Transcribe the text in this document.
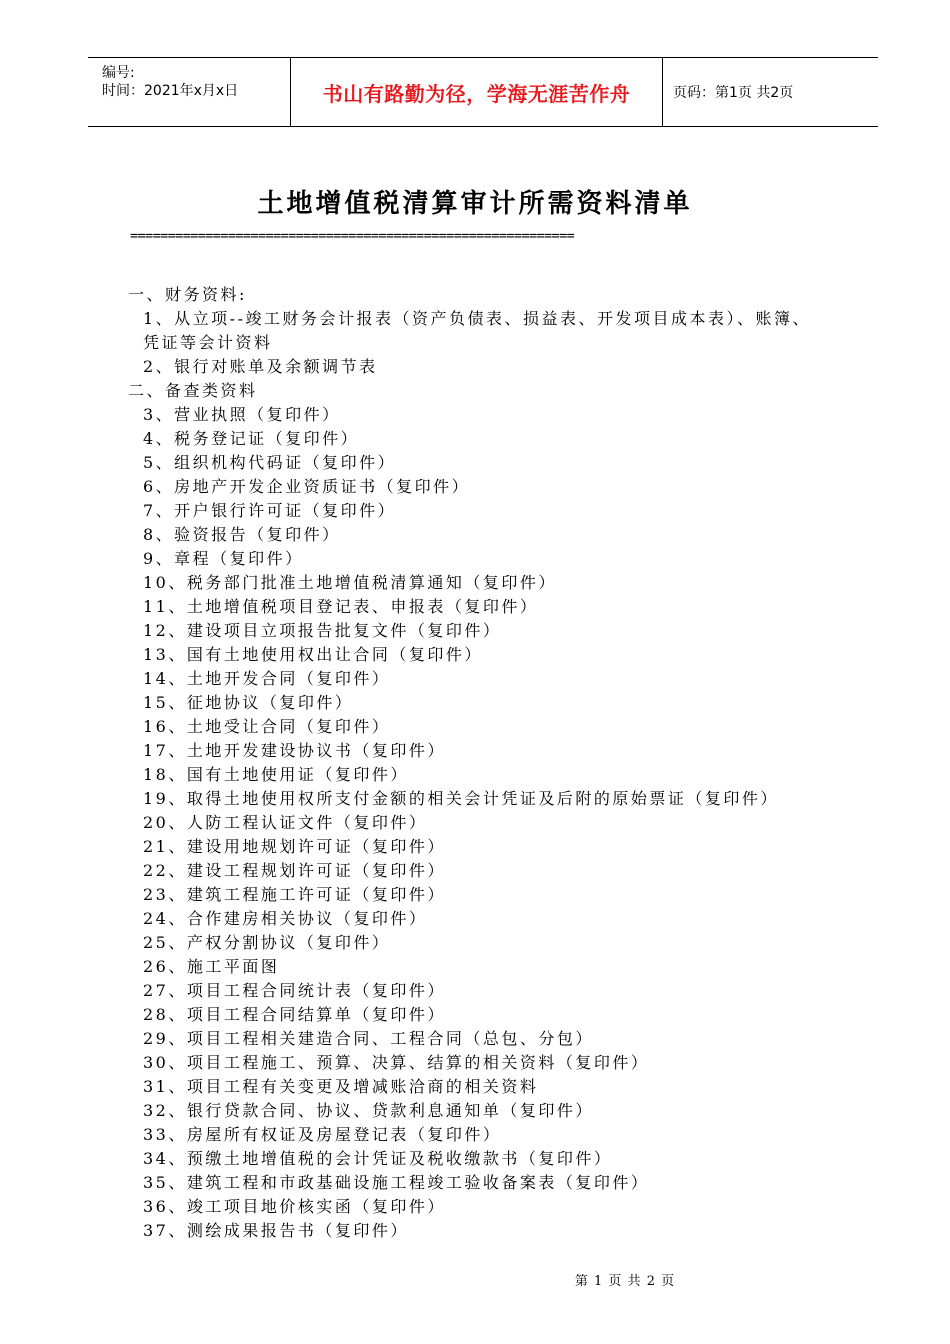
编号:
时间：2021年x月x日	书山有路勤为径，学海无涯苦作舟	页码：第1页 共2页
土地增值税清算审计所需资料清单
===========================================================
一、财务资料:
1、从立项--竣工财务会计报表（资产负债表、损益表、开发项目成本表）、账簿、
凭证等会计资料
2、银行对账单及余额调节表
二、备查类资料
3、营业执照（复印件）
4、税务登记证（复印件）
5、组织机构代码证（复印件）
6、房地产开发企业资质证书（复印件）
7、开户银行许可证（复印件）
8、验资报告（复印件）
9、章程（复印件）
10、税务部门批准土地增值税清算通知（复印件）
11、土地增值税项目登记表、申报表（复印件）
12、建设项目立项报告批复文件（复印件）
13、国有土地使用权出让合同（复印件）
14、土地开发合同（复印件）
15、征地协议（复印件）
16、土地受让合同（复印件）
17、土地开发建设协议书（复印件）
18、国有土地使用证（复印件）
19、取得土地使用权所支付金额的相关会计凭证及后附的原始票证（复印件）
20、人防工程认证文件（复印件）
21、建设用地规划许可证（复印件）
22、建设工程规划许可证（复印件）
23、建筑工程施工许可证（复印件）
24、合作建房相关协议（复印件）
25、产权分割协议（复印件）
26、施工平面图
27、项目工程合同统计表（复印件）
28、项目工程合同结算单（复印件）
29、项目工程相关建造合同、工程合同（总包、分包）
30、项目工程施工、预算、决算、结算的相关资料（复印件）
31、项目工程有关变更及增减账洽商的相关资料
32、银行贷款合同、协议、贷款利息通知单（复印件）
33、房屋所有权证及房屋登记表（复印件）
34、预缴土地增值税的会计凭证及税收缴款书（复印件）
35、建筑工程和市政基础设施工程竣工验收备案表（复印件）
36、竣工项目地价核实函（复印件）
37、测绘成果报告书（复印件）
第 1 页 共 2 页
